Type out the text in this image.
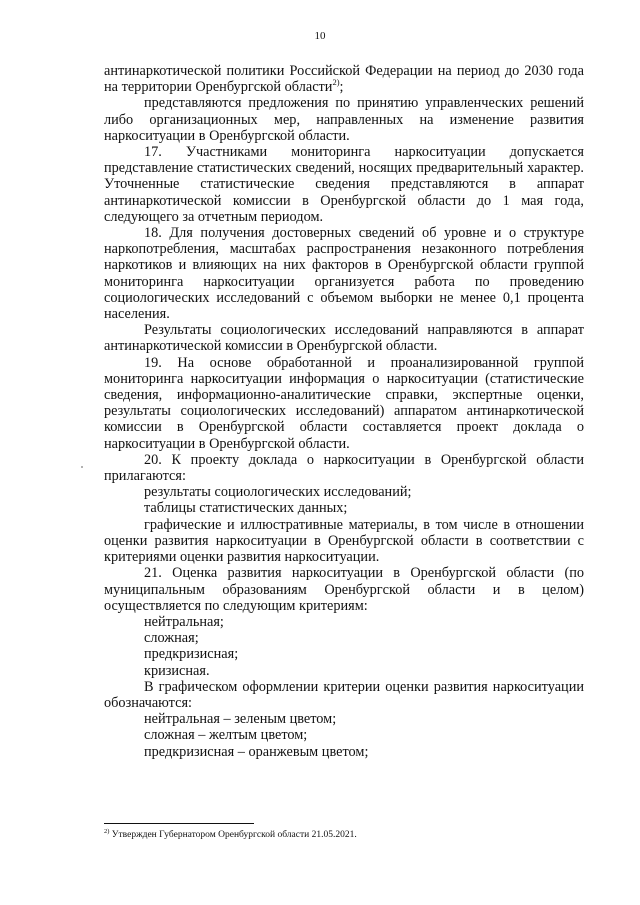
10

антинаркотической политики Российской Федерации на период до 2030 года на территории Оренбургской области$^{2)}$;

представляются предложения по принятию управленческих решений либо организационных мер, направленных на изменение развития наркоситуации в Оренбургской области.

17. Участниками мониторинга наркоситуации допускается представление статистических сведений, носящих предварительный характер. Уточненные статистические сведения представляются в аппарат антинаркотической комиссии в Оренбургской области до 1 мая года, следующего за отчетным периодом.

18. Для получения достоверных сведений об уровне и о структуре наркопотребления, масштабах распространения незаконного потребления наркотиков и влияющих на них факторов в Оренбургской области группой мониторинга наркоситуации организуется работа по проведению социологических исследований с объемом выборки не менее 0,1 процента населения.

Результаты социологических исследований направляются в аппарат антинаркотической комиссии в Оренбургской области.

19. На основе обработанной и проанализированной группой мониторинга наркоситуации информация о наркоситуации (статистические сведения, информационно-аналитические справки, экспертные оценки, результаты социологических исследований) аппаратом антинаркотической комиссии в Оренбургской области составляется проект доклада о наркоситуации в Оренбургской области.

20. К проекту доклада о наркоситуации в Оренбургской области прилагаются:

результаты социологических исследований;

таблицы статистических данных;

графические и иллюстративные материалы, в том числе в отношении оценки развития наркоситуации в Оренбургской области в соответствии с критериями оценки развития наркоситуации.

21. Оценка развития наркоситуации в Оренбургской области (по муниципальным образованиям Оренбургской области и в целом) осуществляется по следующим критериям:

нейтральная;

сложная;

предкризисная;

кризисная.

В графическом оформлении критерии оценки развития наркоситуации обозначаются:

нейтральная – зеленым цветом;

сложная – желтым цветом;

предкризисная – оранжевым цветом;

$^{2)}$ Утвержден Губернатором Оренбургской области 21.05.2021.
